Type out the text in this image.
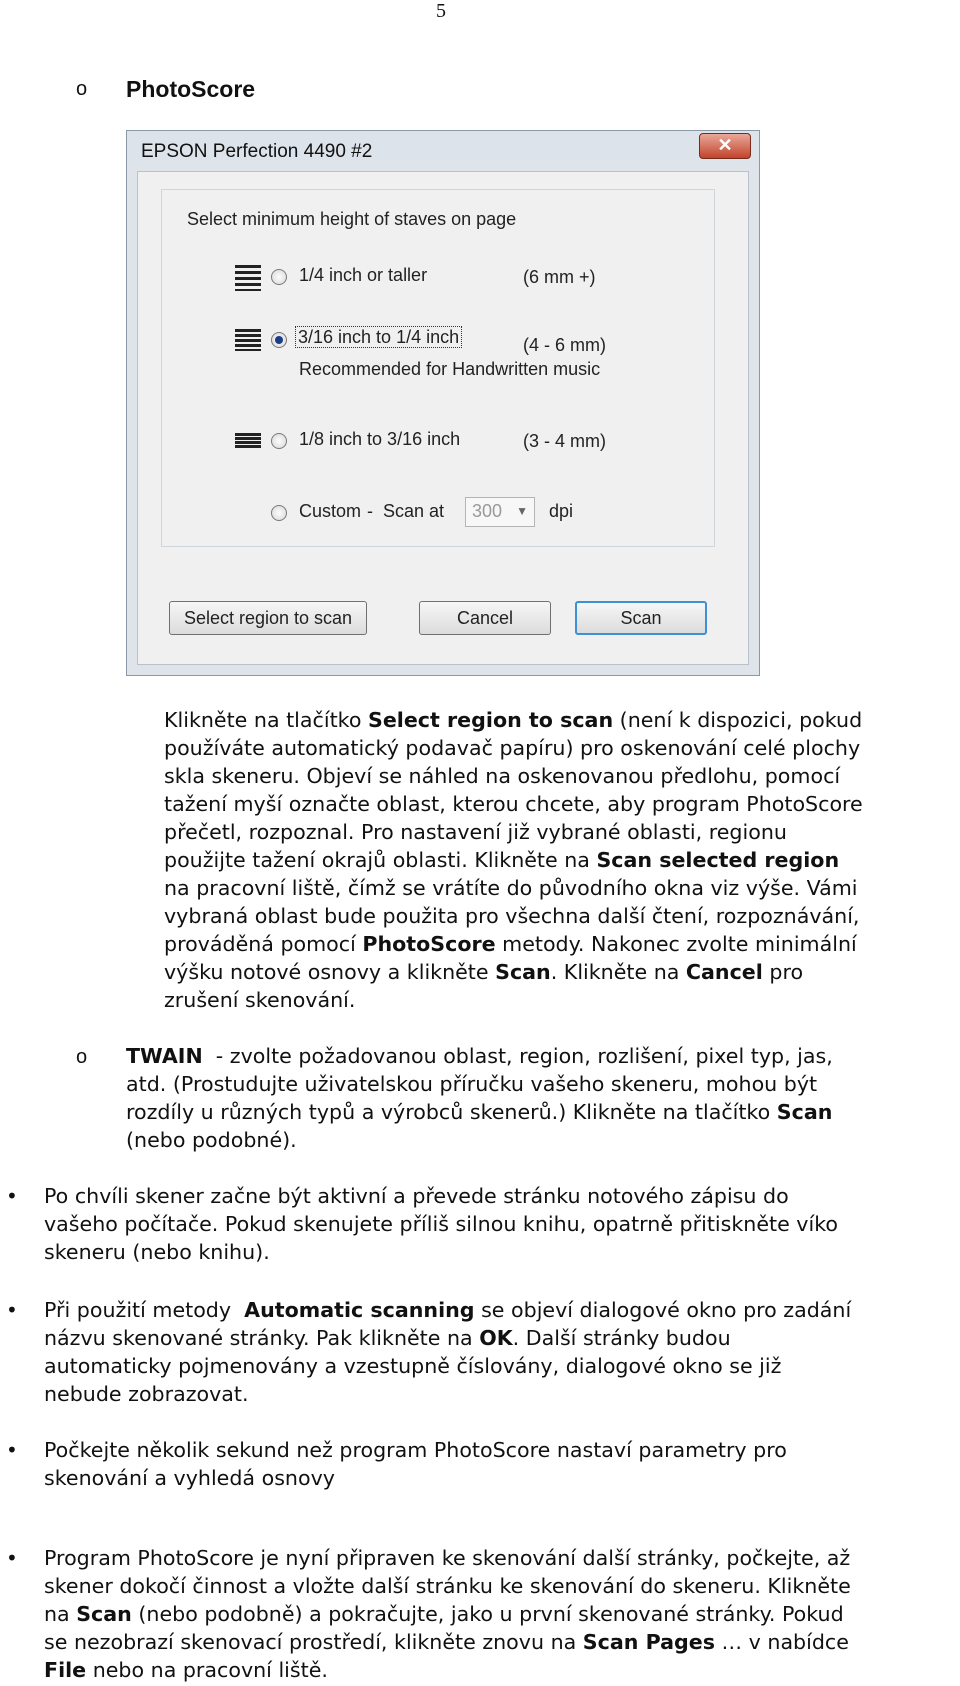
5
o PhotoScore
EPSON Perfection 4490 #2	✕
Select minimum height of staves on page
1/4 inch or taller	(6 mm +)
3/16 inch to 1/4 inch	(4 - 6 mm)
Recommended for Handwritten music
1/8 inch to 3/16 inch	(3 - 4 mm)
Custom - Scan at	300 ▼ dpi
Select region to scan	Cancel	Scan
Klikněte na tlačítko Select region to scan (není k dispozici, pokud
používáte automatický podavač papíru) pro oskenování celé plochy
skla skeneru. Objeví se náhled na oskenovanou předlohu, pomocí
tažení myší označte oblast, kterou chcete, aby program PhotoScore
přečetl, rozpoznal. Pro nastavení již vybrané oblasti, regionu
použijte tažení okrajů oblasti. Klikněte na Scan selected region
na pracovní liště, čímž se vrátíte do původního okna viz výše. Vámi
vybraná oblast bude použita pro všechna další čtení, rozpoznávání,
prováděná pomocí PhotoScore metody. Nakonec zvolte minimální
výšku notové osnovy a klikněte Scan. Klikněte na Cancel pro
zrušení skenování.
o TWAIN  - zvolte požadovanou oblast, region, rozlišení, pixel typ, jas,
atd. (Prostudujte uživatelskou příručku vašeho skeneru, mohou být
rozdíly u různých typů a výrobců skenerů.) Klikněte na tlačítko Scan
(nebo podobné).
• Po chvíli skener začne být aktivní a převede stránku notového zápisu do
vašeho počítače. Pokud skenujete příliš silnou knihu, opatrně přitiskněte víko
skeneru (nebo knihu).
• Při použití metody  Automatic scanning se objeví dialogové okno pro zadání
názvu skenované stránky. Pak klikněte na OK. Další stránky budou
automaticky pojmenovány a vzestupně číslovány, dialogové okno se již
nebude zobrazovat.
• Počkejte několik sekund než program PhotoScore nastaví parametry pro
skenování a vyhledá osnovy
• Program PhotoScore je nyní připraven ke skenování další stránky, počkejte, až
skener dokočí činnost a vložte další stránku ke skenování do skeneru. Klikněte
na Scan (nebo podobně) a pokračujte, jako u první skenované stránky. Pokud
se nezobrazí skenovací prostředí, klikněte znovu na Scan Pages … v nabídce
File nebo na pracovní liště.
